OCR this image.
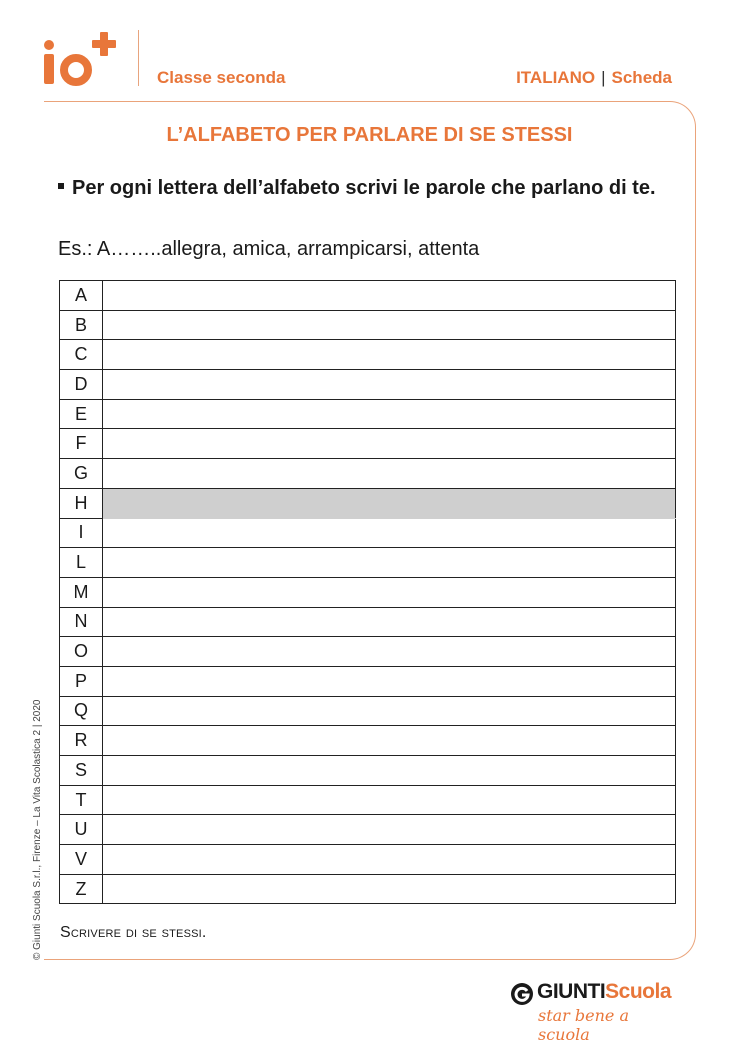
Classe seconda	ITALIANO | Scheda
L’ALFABETO PER PARLARE DI SE STESSI
Per ogni lettera dell’alfabeto scrivi le parole che parlano di te.
Es.: A……..allegra, amica, arrampicarsi, attenta
A	
B	
C	
D	
E	
F	
G	
H	
I	
L	
M	
N	
O	
P	
Q	
R	
S	
T	
U	
V	
Z	
Scrivere di se stessi.
© Giunti Scuola S.r.l., Firenze – La Vita Scolastica 2 | 2020
GIUNTIScuola
star bene a scuola
